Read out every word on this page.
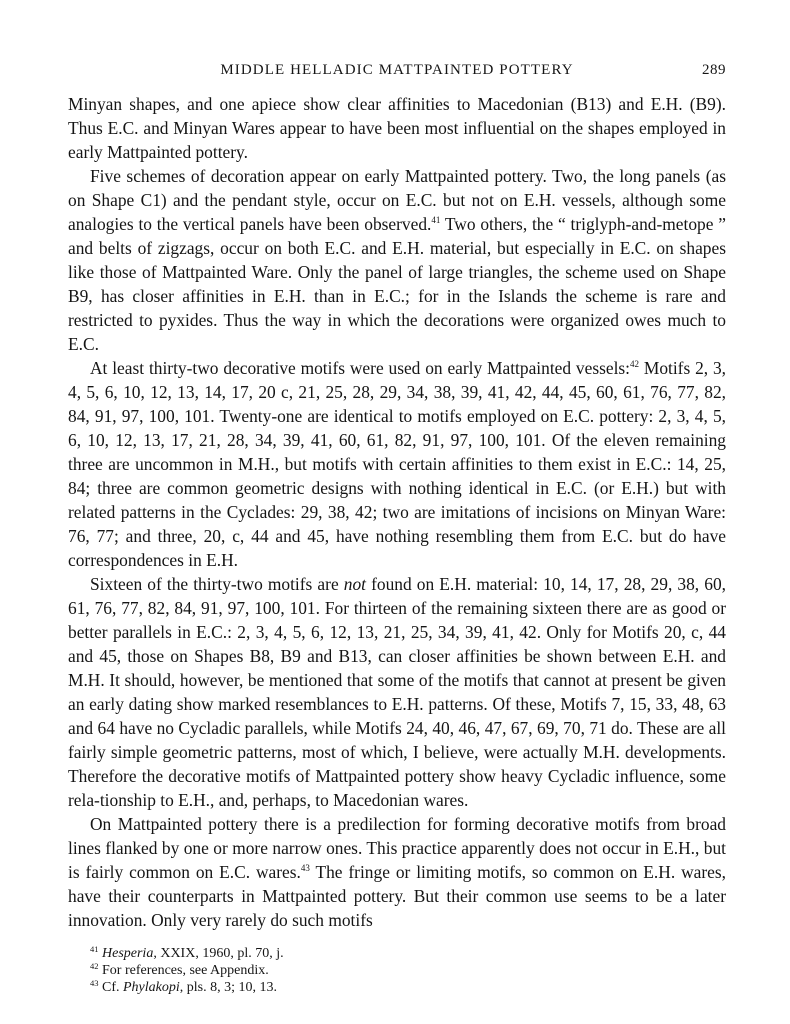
MIDDLE HELLADIC MATTPAINTED POTTERY	289

Minyan shapes, and one apiece show clear affinities to Macedonian (B13) and E.H. (B9). Thus E.C. and Minyan Wares appear to have been most influential on the shapes employed in early Mattpainted pottery.

Five schemes of decoration appear on early Mattpainted pottery. Two, the long panels (as on Shape C1) and the pendant style, occur on E.C. but not on E.H. vessels, although some analogies to the vertical panels have been observed.$^{41}$ Two others, the “ triglyph-and-metope ” and belts of zigzags, occur on both E.C. and E.H. material, but especially in E.C. on shapes like those of Mattpainted Ware. Only the panel of large triangles, the scheme used on Shape B9, has closer affinities in E.H. than in E.C.; for in the Islands the scheme is rare and restricted to pyxides. Thus the way in which the decorations were organized owes much to E.C.

At least thirty-two decorative motifs were used on early Mattpainted vessels:$^{42}$ Motifs 2, 3, 4, 5, 6, 10, 12, 13, 14, 17, 20 c, 21, 25, 28, 29, 34, 38, 39, 41, 42, 44, 45, 60, 61, 76, 77, 82, 84, 91, 97, 100, 101. Twenty-one are identical to motifs employed on E.C. pottery: 2, 3, 4, 5, 6, 10, 12, 13, 17, 21, 28, 34, 39, 41, 60, 61, 82, 91, 97, 100, 101. Of the eleven remaining three are uncommon in M.H., but motifs with certain affinities to them exist in E.C.: 14, 25, 84; three are common geometric designs with nothing identical in E.C. (or E.H.) but with related patterns in the Cyclades: 29, 38, 42; two are imitations of incisions on Minyan Ware: 76, 77; and three, 20, c, 44 and 45, have nothing resembling them from E.C. but do have correspondences in E.H.

Sixteen of the thirty-two motifs are not found on E.H. material: 10, 14, 17, 28, 29, 38, 60, 61, 76, 77, 82, 84, 91, 97, 100, 101. For thirteen of the remaining sixteen there are as good or better parallels in E.C.: 2, 3, 4, 5, 6, 12, 13, 21, 25, 34, 39, 41, 42. Only for Motifs 20, c, 44 and 45, those on Shapes B8, B9 and B13, can closer affinities be shown between E.H. and M.H. It should, however, be mentioned that some of the motifs that cannot at present be given an early dating show marked resemblances to E.H. patterns. Of these, Motifs 7, 15, 33, 48, 63 and 64 have no Cycladic parallels, while Motifs 24, 40, 46, 47, 67, 69, 70, 71 do. These are all fairly simple geometric patterns, most of which, I believe, were actually M.H. developments. Therefore the decorative motifs of Mattpainted pottery show heavy Cycladic influence, some rela-tionship to E.H., and, perhaps, to Macedonian wares.

On Mattpainted pottery there is a predilection for forming decorative motifs from broad lines flanked by one or more narrow ones. This practice apparently does not occur in E.H., but is fairly common on E.C. wares.$^{43}$ The fringe or limiting motifs, so common on E.H. wares, have their counterparts in Mattpainted pottery. But their common use seems to be a later innovation. Only very rarely do such motifs

$^{41}$ Hesperia, XXIX, 1960, pl. 70, j.
$^{42}$ For references, see Appendix.
$^{43}$ Cf. Phylakopi, pls. 8, 3; 10, 13.
